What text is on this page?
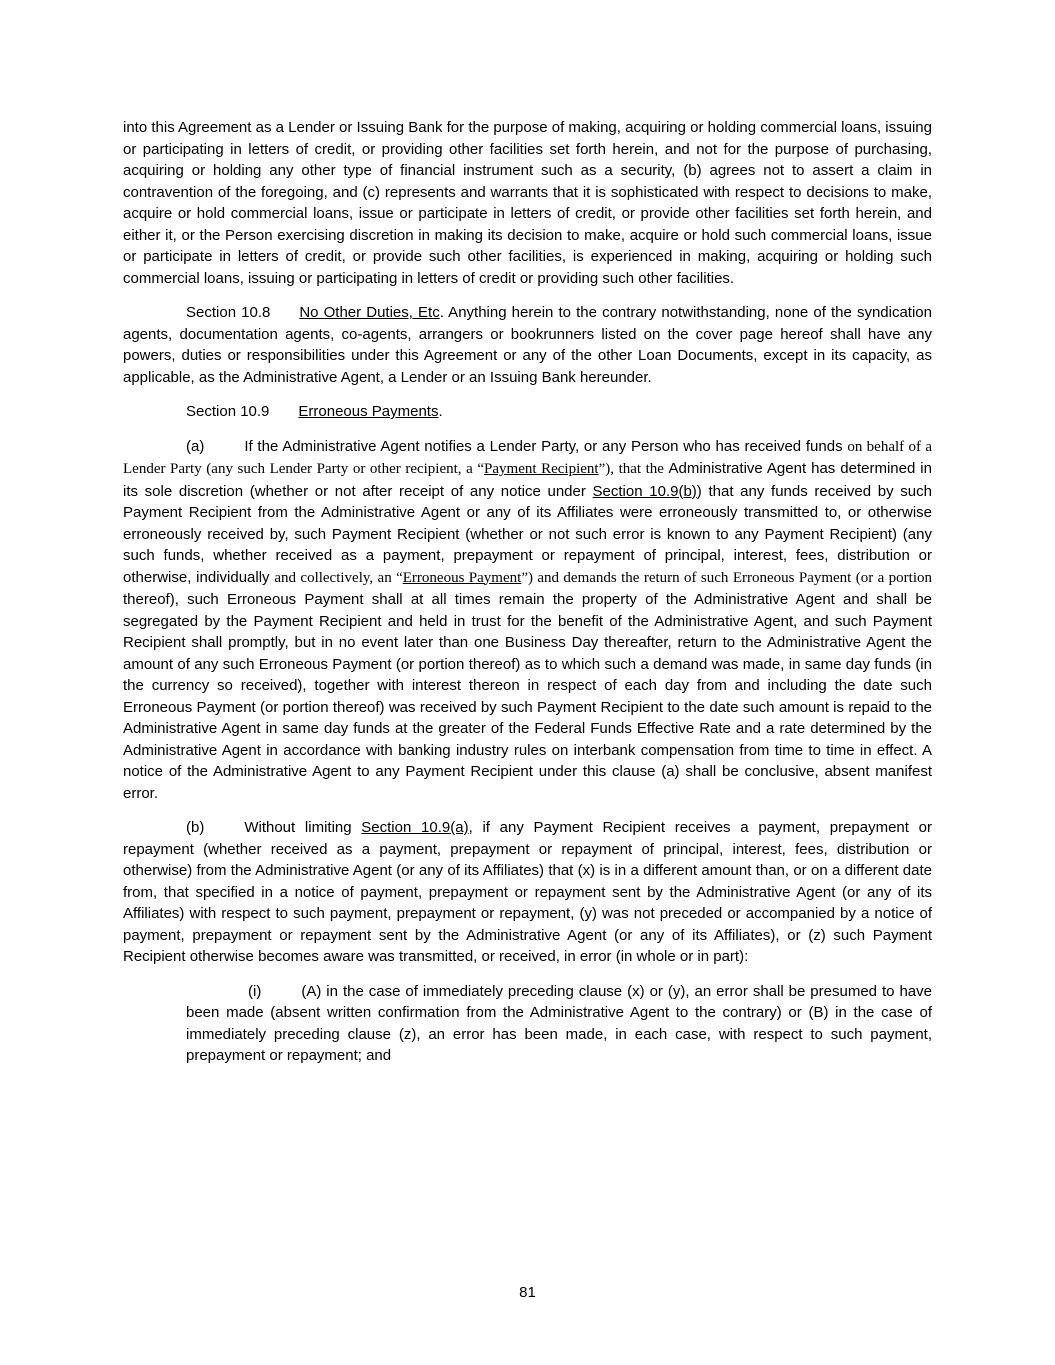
into this Agreement as a Lender or Issuing Bank for the purpose of making, acquiring or holding commercial loans, issuing or participating in letters of credit, or providing other facilities set forth herein, and not for the purpose of purchasing, acquiring or holding any other type of financial instrument such as a security, (b) agrees not to assert a claim in contravention of the foregoing, and (c) represents and warrants that it is sophisticated with respect to decisions to make, acquire or hold commercial loans, issue or participate in letters of credit, or provide other facilities set forth herein, and either it, or the Person exercising discretion in making its decision to make, acquire or hold such commercial loans, issue or participate in letters of credit, or provide such other facilities, is experienced in making, acquiring or holding such commercial loans, issuing or participating in letters of credit or providing such other facilities.

Section 10.8 No Other Duties, Etc. Anything herein to the contrary notwithstanding, none of the syndication agents, documentation agents, co-agents, arrangers or bookrunners listed on the cover page hereof shall have any powers, duties or responsibilities under this Agreement or any of the other Loan Documents, except in its capacity, as applicable, as the Administrative Agent, a Lender or an Issuing Bank hereunder.

Section 10.9 Erroneous Payments.

(a)	If the Administrative Agent notifies a Lender Party, or any Person who has received funds on behalf of a Lender Party (any such Lender Party or other recipient, a “Payment Recipient”), that the Administrative Agent has determined in its sole discretion (whether or not after receipt of any notice under Section 10.9(b)) that any funds received by such Payment Recipient from the Administrative Agent or any of its Affiliates were erroneously transmitted to, or otherwise erroneously received by, such Payment Recipient (whether or not such error is known to any Payment Recipient) (any such funds, whether received as a payment, prepayment or repayment of principal, interest, fees, distribution or otherwise, individually and collectively, an “Erroneous Payment”) and demands the return of such Erroneous Payment (or a portion thereof), such Erroneous Payment shall at all times remain the property of the Administrative Agent and shall be segregated by the Payment Recipient and held in trust for the benefit of the Administrative Agent, and such Payment Recipient shall promptly, but in no event later than one Business Day thereafter, return to the Administrative Agent the amount of any such Erroneous Payment (or portion thereof) as to which such a demand was made, in same day funds (in the currency so received), together with interest thereon in respect of each day from and including the date such Erroneous Payment (or portion thereof) was received by such Payment Recipient to the date such amount is repaid to the Administrative Agent in same day funds at the greater of the Federal Funds Effective Rate and a rate determined by the Administrative Agent in accordance with banking industry rules on interbank compensation from time to time in effect. A notice of the Administrative Agent to any Payment Recipient under this clause (a) shall be conclusive, absent manifest error.

(b)	Without limiting Section 10.9(a), if any Payment Recipient receives a payment, prepayment or repayment (whether received as a payment, prepayment or repayment of principal, interest, fees, distribution or otherwise) from the Administrative Agent (or any of its Affiliates) that (x) is in a different amount than, or on a different date from, that specified in a notice of payment, prepayment or repayment sent by the Administrative Agent (or any of its Affiliates) with respect to such payment, prepayment or repayment, (y) was not preceded or accompanied by a notice of payment, prepayment or repayment sent by the Administrative Agent (or any of its Affiliates), or (z) such Payment Recipient otherwise becomes aware was transmitted, or received, in error (in whole or in part):

(i)	(A) in the case of immediately preceding clause (x) or (y), an error shall be presumed to have been made (absent written confirmation from the Administrative Agent to the contrary) or (B) in the case of immediately preceding clause (z), an error has been made, in each case, with respect to such payment, prepayment or repayment; and

81
